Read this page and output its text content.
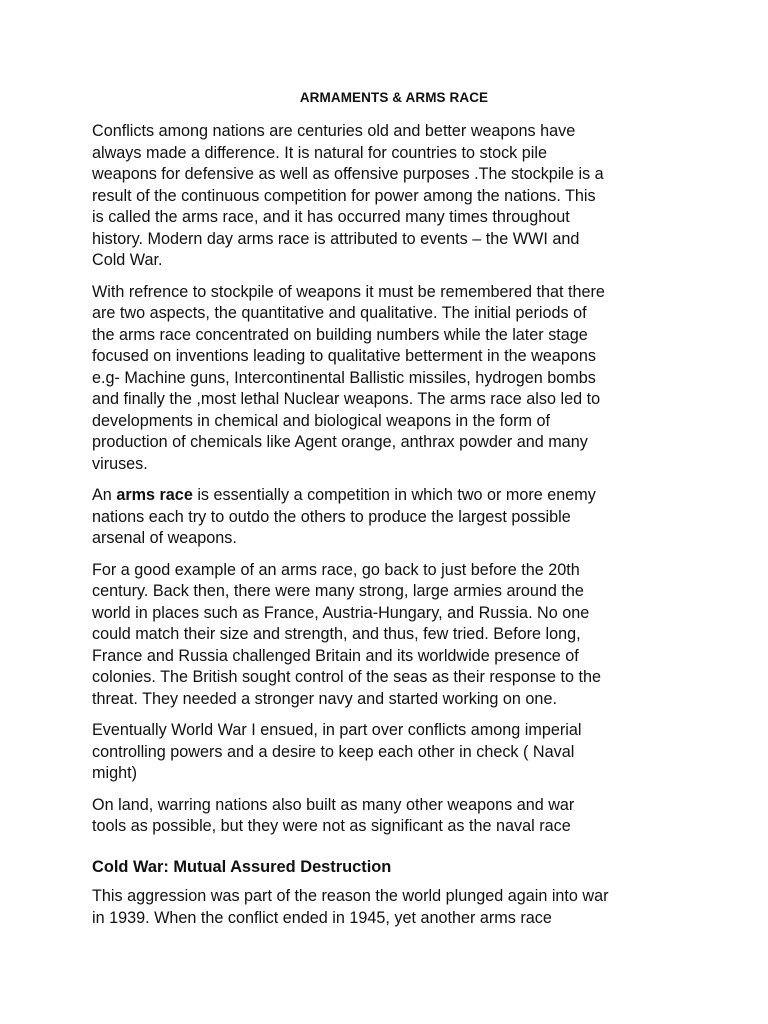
ARMAMENTS & ARMS RACE

Conflicts among nations are centuries old and better weapons have
always made a difference. It is natural for countries to stock pile
weapons for defensive as well as offensive purposes .The stockpile is a
result of the continuous competition for power among the nations. This
is called the arms race, and it has occurred many times throughout
history. Modern day arms race is attributed to events – the WWI and
Cold War.

With refrence to stockpile of weapons it must be remembered that there
are two aspects, the quantitative and qualitative. The initial periods of
the arms race concentrated on building numbers while the later stage
focused on inventions leading to qualitative betterment in the weapons
e.g- Machine guns, Intercontinental Ballistic missiles, hydrogen bombs
and finally the ,most lethal Nuclear weapons. The arms race also led to
developments in chemical and biological weapons in the form of
production of chemicals like Agent orange, anthrax powder and many
viruses.

An arms race is essentially a competition in which two or more enemy
nations each try to outdo the others to produce the largest possible
arsenal of weapons.

For a good example of an arms race, go back to just before the 20th
century. Back then, there were many strong, large armies around the
world in places such as France, Austria-Hungary, and Russia. No one
could match their size and strength, and thus, few tried. Before long,
France and Russia challenged Britain and its worldwide presence of
colonies. The British sought control of the seas as their response to the
threat. They needed a stronger navy and started working on one.

Eventually World War I ensued, in part over conflicts among imperial
controlling powers and a desire to keep each other in check ( Naval
might)

On land, warring nations also built as many other weapons and war
tools as possible, but they were not as significant as the naval race

Cold War: Mutual Assured Destruction

This aggression was part of the reason the world plunged again into war
in 1939. When the conflict ended in 1945, yet another arms race
